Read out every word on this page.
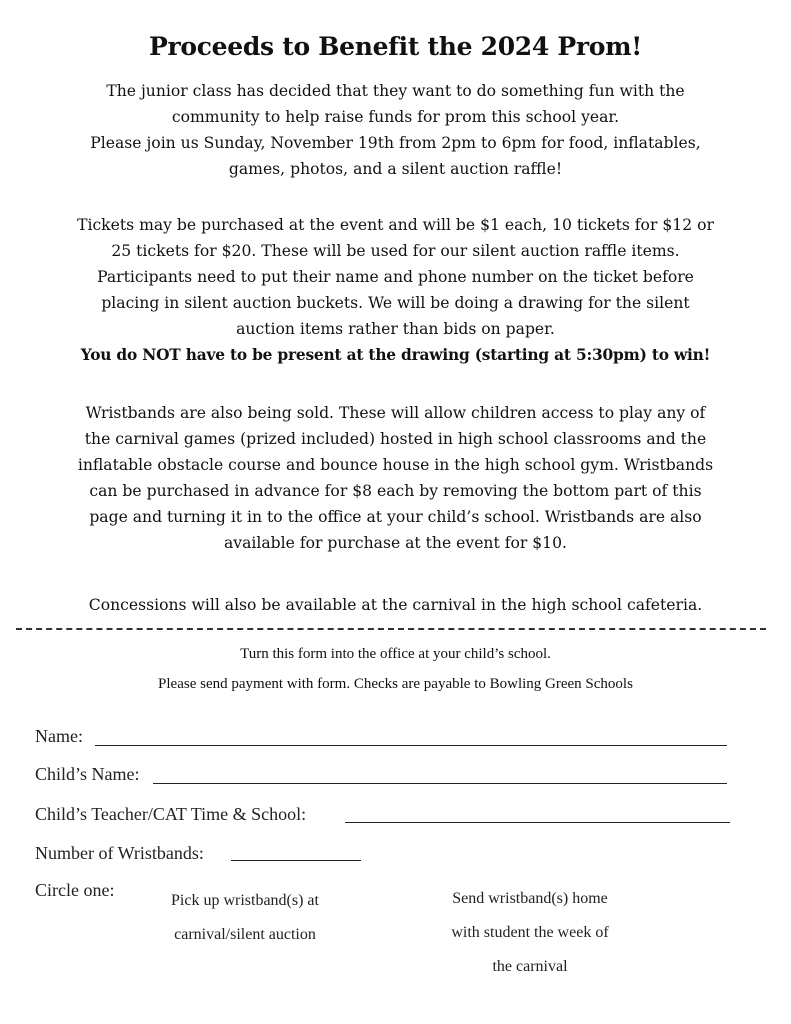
Proceeds to Benefit the 2024 Prom!
The junior class has decided that they want to do something fun with the
community to help raise funds for prom this school year.
Please join us Sunday, November 19th from 2pm to 6pm for food, inflatables,
games, photos, and a silent auction raffle!
Tickets may be purchased at the event and will be $1 each, 10 tickets for $12 or
25 tickets for $20. These will be used for our silent auction raffle items.
Participants need to put their name and phone number on the ticket before
placing in silent auction buckets. We will be doing a drawing for the silent
auction items rather than bids on paper.
You do NOT have to be present at the drawing (starting at 5:30pm) to win!
Wristbands are also being sold. These will allow children access to play any of
the carnival games (prized included) hosted in high school classrooms and the
inflatable obstacle course and bounce house in the high school gym. Wristbands
can be purchased in advance for $8 each by removing the bottom part of this
page and turning it in to the office at your child’s school. Wristbands are also
available for purchase at the event for $10.
Concessions will also be available at the carnival in the high school cafeteria.
Turn this form into the office at your child’s school.
Please send payment with form. Checks are payable to Bowling Green Schools
Name:
Child’s Name:
Child’s Teacher/CAT Time & School:
Number of Wristbands:
Circle one:
Pick up wristband(s) at
carnival/silent auction
Send wristband(s) home
with student the week of
the carnival
